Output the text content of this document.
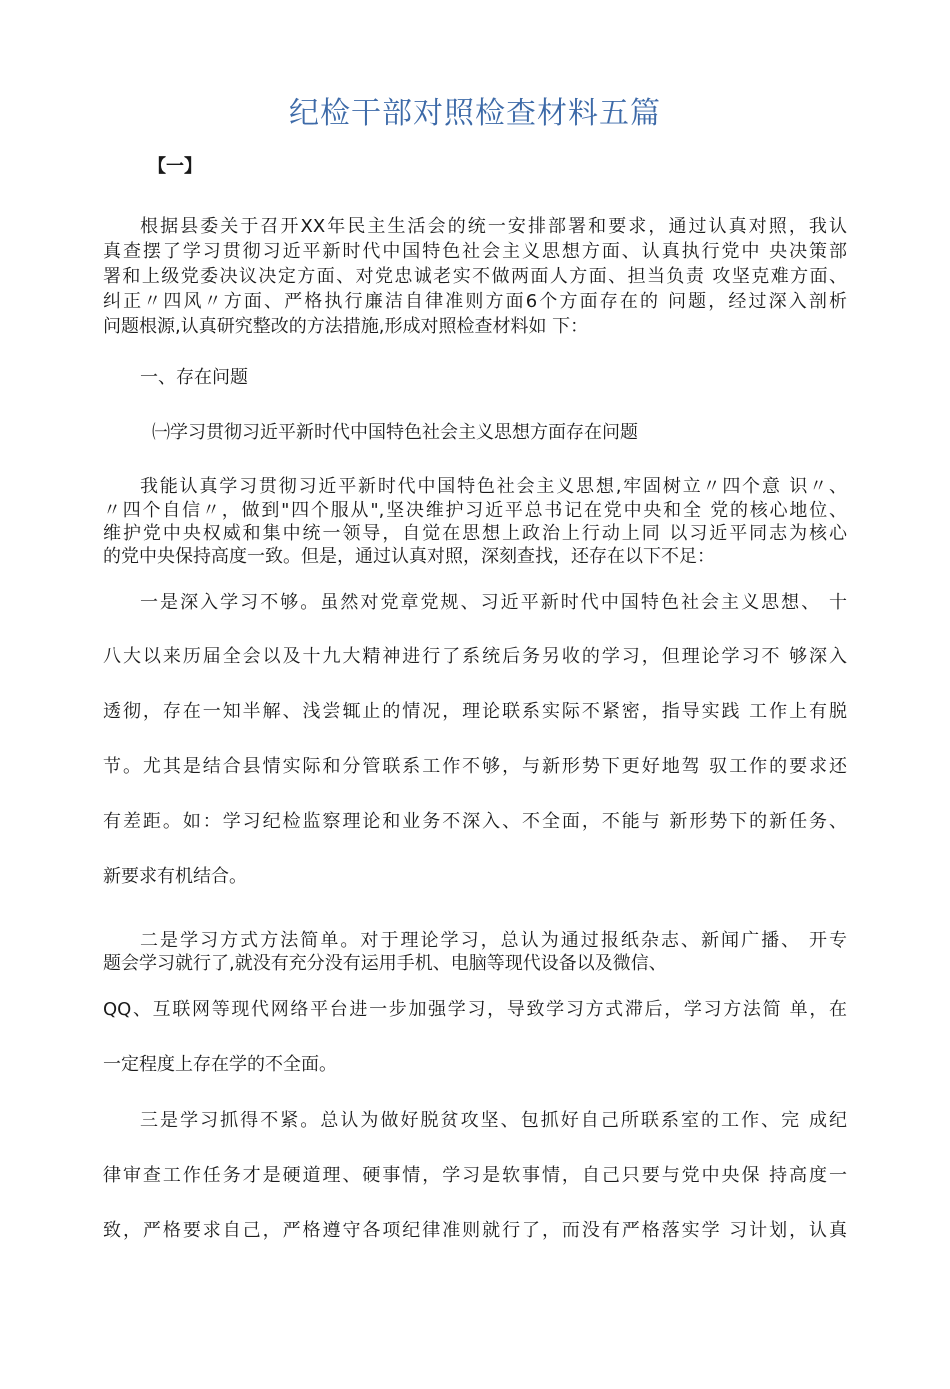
纪检干部对照检查材料五篇
【一】
根据县委关于召开XX年民主生活会的统一安排部署和要求，通过认真对照，我认
真查摆了学习贯彻习近平新时代中国特色社会主义思想方面、认真执行党中 央决策部
署和上级党委决议决定方面、对党忠诚老实不做两面人方面、担当负责 攻坚克难方面、
纠正〃四风〃方面、严格执行廉洁自律准则方面6个方面存在的 问题，经过深入剖析
问题根源,认真研究整改的方法措施,形成对照检查材料如 下：
一、存在问题
㈠学习贯彻习近平新时代中国特色社会主义思想方面存在问题
我能认真学习贯彻习近平新时代中国特色社会主义思想,牢固树立〃四个意 识〃、
〃四个自信〃，做到"四个服从",坚决维护习近平总书记在党中央和全 党的核心地位、
维护党中央权威和集中统一领导，自觉在思想上政治上行动上同 以习近平同志为核心
的党中央保持高度一致。但是，通过认真对照，深刻查找，还存在以下不足：
一是深入学习不够。虽然对党章党规、习近平新时代中国特色社会主义思想、 十
八大以来历届全会以及十九大精神进行了系统后务另收的学习，但理论学习不 够深入
透彻，存在一知半解、浅尝辄止的情况，理论联系实际不紧密，指导实践 工作上有脱
节。尤其是结合县情实际和分管联系工作不够，与新形势下更好地驾 驭工作的要求还
有差距。如：学习纪检监察理论和业务不深入、不全面，不能与 新形势下的新任务、
新要求有机结合。
二是学习方式方法简单。对于理论学习，总认为通过报纸杂志、新闻广播、 开专
题会学习就行了,就没有充分没有运用手机、电脑等现代设备以及微信、
QQ、互联网等现代网络平台进一步加强学习，导致学习方式滞后，学习方法简 单，在
一定程度上存在学的不全面。
三是学习抓得不紧。总认为做好脱贫攻坚、包抓好自己所联系室的工作、完 成纪
律审查工作任务才是硬道理、硬事情，学习是软事情，自己只要与党中央保 持高度一
致，严格要求自己，严格遵守各项纪律准则就行了，而没有严格落实学 习计划，认真
